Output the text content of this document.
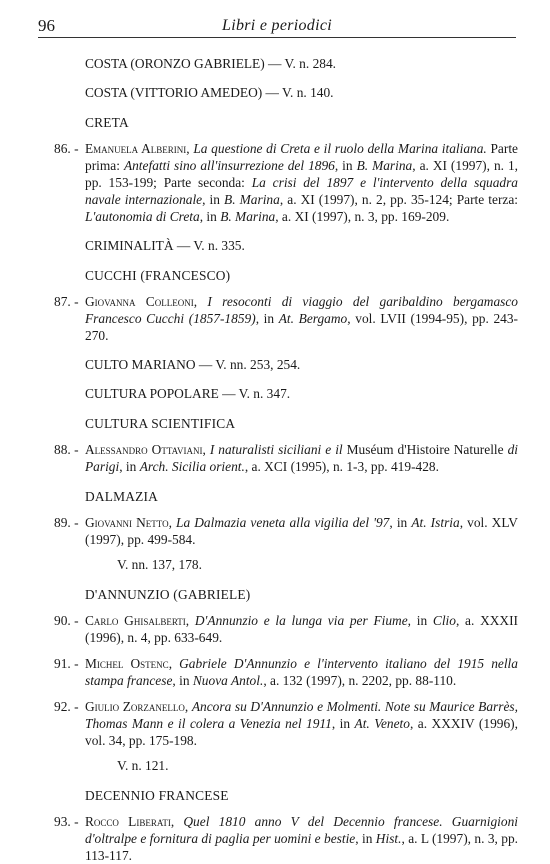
96	Libri e periodici
COSTA (ORONZO GABRIELE) — V. n. 284.
COSTA (VITTORIO AMEDEO) — V. n. 140.
CRETA
86. - Emanuela Alberini, La questione di Creta e il ruolo della Marina italiana. Parte prima: Antefatti sino all'insurrezione del 1896, in B. Marina, a. XI (1997), n. 1, pp. 153-199; Parte seconda: La crisi del 1897 e l'intervento della squadra navale internazionale, in B. Marina, a. XI (1997), n. 2, pp. 35-124; Parte terza: L'autonomia di Creta, in B. Marina, a. XI (1997), n. 3, pp. 169-209.
CRIMINALITÀ — V. n. 335.
CUCCHI (FRANCESCO)
87. - Giovanna Colleoni, I resoconti di viaggio del garibaldino bergamasco Francesco Cucchi (1857-1859), in At. Bergamo, vol. LVII (1994-95), pp. 243-270.
CULTO MARIANO — V. nn. 253, 254.
CULTURA POPOLARE — V. n. 347.
CULTURA SCIENTIFICA
88. - Alessandro Ottaviani, I naturalisti siciliani e il Muséum d'Histoire Naturelle di Parigi, in Arch. Sicilia orient., a. XCI (1995), n. 1-3, pp. 419-428.
DALMAZIA
89. - Giovanni Netto, La Dalmazia veneta alla vigilia del '97, in At. Istria, vol. XLV (1997), pp. 499-584.
V. nn. 137, 178.
D'ANNUNZIO (GABRIELE)
90. - Carlo Ghisalberti, D'Annunzio e la lunga via per Fiume, in Clio, a. XXXII (1996), n. 4, pp. 633-649.
91. - Michel Ostenc, Gabriele D'Annunzio e l'intervento italiano del 1915 nella stampa francese, in Nuova Antol., a. 132 (1997), n. 2202, pp. 88-110.
92. - Giulio Zorzanello, Ancora su D'Annunzio e Molmenti. Note su Maurice Barrès, Thomas Mann e il colera a Venezia nel 1911, in At. Veneto, a. XXXIV (1996), vol. 34, pp. 175-198.
V. n. 121.
DECENNIO FRANCESE
93. - Rocco Liberati, Quel 1810 anno V del Decennio francese. Guarnigioni d'oltralpe e fornitura di paglia per uomini e bestie, in Hist., a. L (1997), n. 3, pp. 113-117.
